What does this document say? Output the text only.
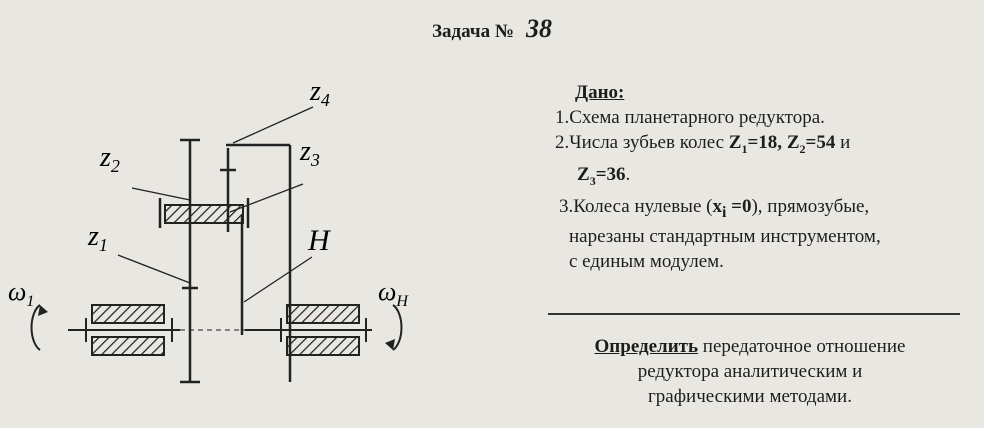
Задача № 38
$z_4$
$z_2$	$z_3$
$z_1$	H
$\omega_1$	$\omega_H$
Дано:
1.Схема планетарного редуктора.
2.Числа зубьев колес $Z_1=18$, $Z_2=54$ и
$Z_3=36$.
3.Колеса нулевые $(x_i =0)$, прямозубые,
нарезаны стандартным инструментом,
с единым модулем.
Определить передаточное отношение
редуктора аналитическим и
графическими методами.
